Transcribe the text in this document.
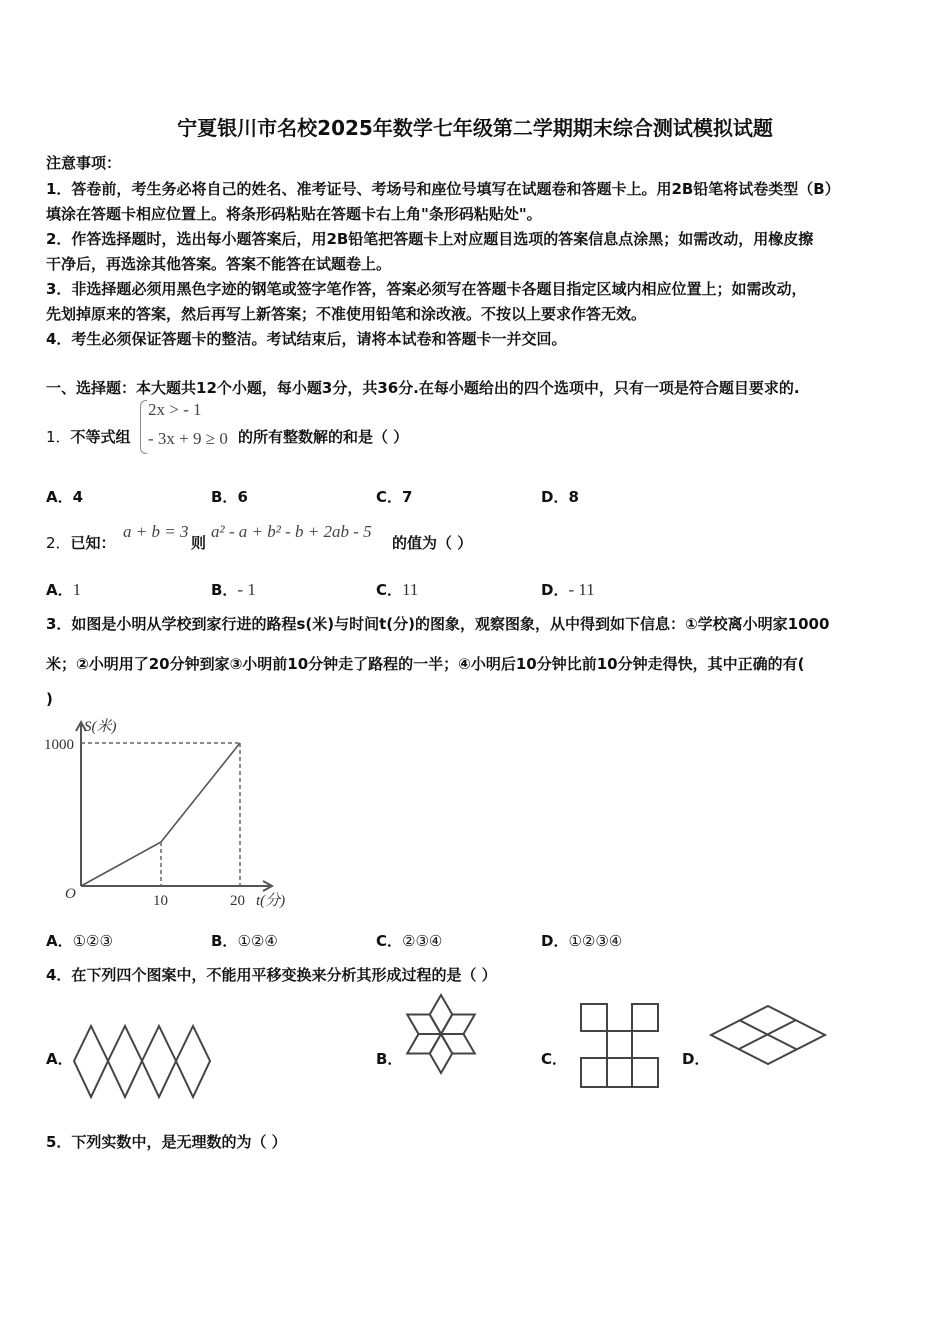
宁夏银川市名校2025年数学七年级第二学期期末综合测试模拟试题
注意事项：
1．答卷前，考生务必将自己的姓名、准考证号、考场号和座位号填写在试题卷和答题卡上。用2B铅笔将试卷类型（B）
填涂在答题卡相应位置上。将条形码粘贴在答题卡右上角"条形码粘贴处"。
2．作答选择题时，选出每小题答案后，用2B铅笔把答题卡上对应题目选项的答案信息点涂黑；如需改动，用橡皮擦
干净后，再选涂其他答案。答案不能答在试题卷上。
3．非选择题必须用黑色字迹的钢笔或签字笔作答，答案必须写在答题卡各题目指定区域内相应位置上；如需改动，
先划掉原来的答案，然后再写上新答案；不准使用铅笔和涂改液。不按以上要求作答无效。
4．考生必须保证答题卡的整洁。考试结束后，请将本试卷和答题卡一并交回。
一、选择题：本大题共12个小题，每小题3分，共36分.在每小题给出的四个选项中，只有一项是符合题目要求的.
1．不等式组
2x > - 1
- 3x + 9 ≥ 0 的所有整数解的和是（ ）
A．4	B．6	C．7	D．8
2．已知：
a + b = 3
则
a² - a + b² - b + 2ab - 5
的值为（ ）
A．1	B．- 1	C．11	D．- 11
3．如图是小明从学校到家行进的路程s(米)与时间t(分)的图象，观察图象，从中得到如下信息：①学校离小明家1000
米；②小明用了20分钟到家③小明前10分钟走了路程的一半；④小明后10分钟比前10分钟走得快，其中正确的有(
)
S(米)
1000
O	10	20 t(分)
A．①②③	B．①②④	C．②③④	D．①②③④
4．在下列四个图案中，不能用平移变换来分析其形成过程的是（ ）
A．	B．	C．	D．
5．下列实数中，是无理数的为（ ）
